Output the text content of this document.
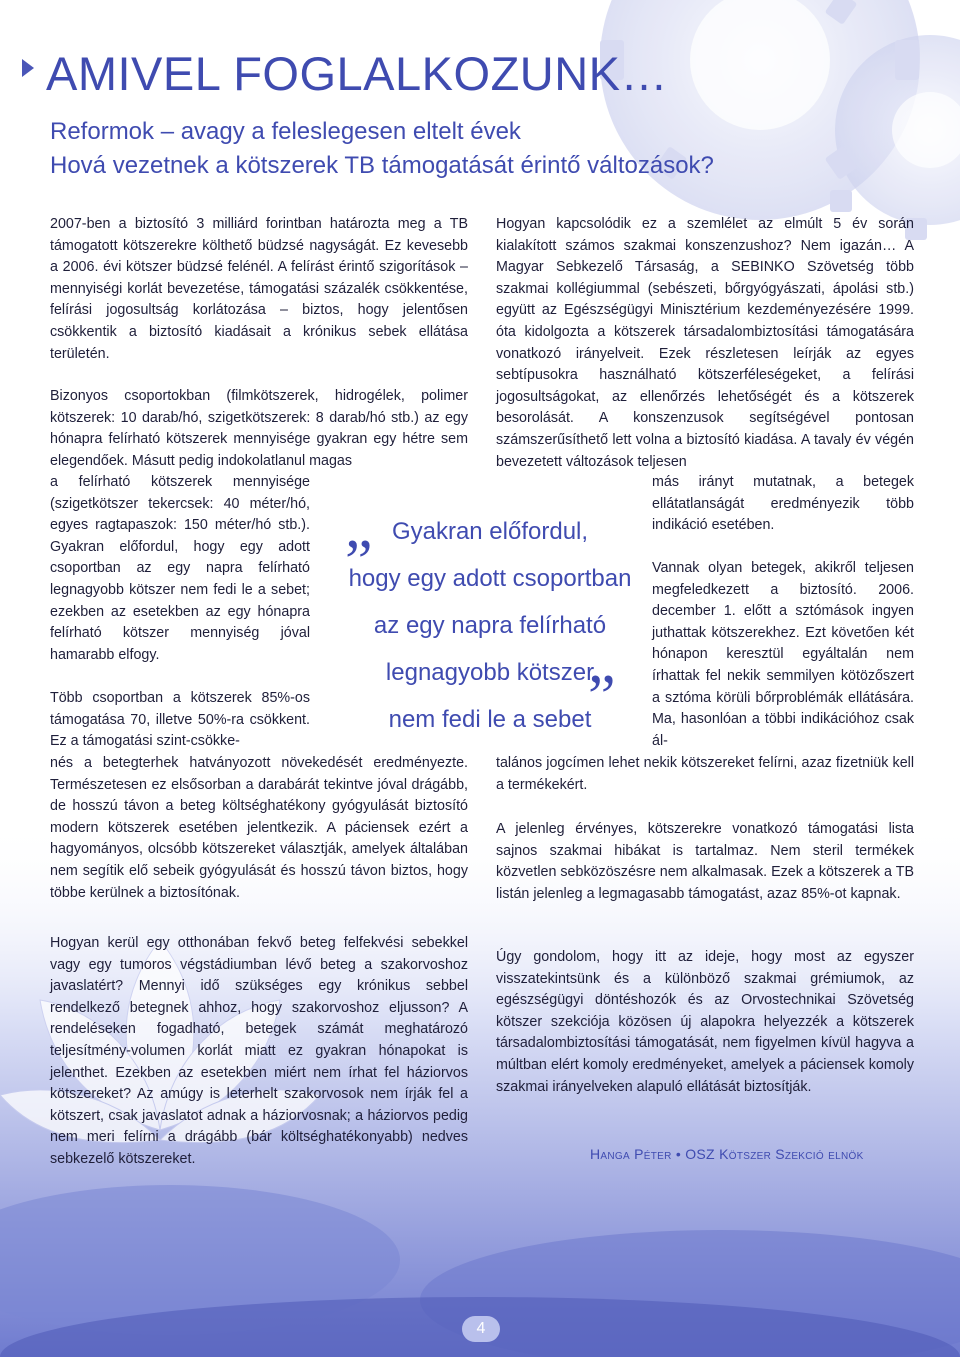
AMIVEL FOGLALKOZUNK…
Reformok – avagy a feleslegesen eltelt évek
Hová vezetnek a kötszerek TB támogatását érintő változások?

2007-ben a biztosító 3 milliárd forintban határozta meg a TB támogatott kötszerekre költhető büdzsé nagyságát. Ez kevesebb a 2006. évi kötszer büdzsé felénél. A felírást érintő szigorítások – mennyiségi korlát bevezetése, támogatási százalék csökkentése, felírási jogosultság korlátozása – biztos, hogy jelentősen csökkentik a biztosító kiadásait a krónikus sebek ellátása területén.

Bizonyos csoportokban (filmkötszerek, hidrogélek, polimer kötszerek: 10 darab/hó, szigetkötszerek: 8 darab/hó stb.) az egy hónapra felírható kötszerek mennyisége gyakran egy hétre sem elegendőek. Másutt pedig indokolatlanul magas

a felírható kötszerek mennyisége (szigetkötszer tekercsek: 40 méter/hó, egyes ragtapaszok: 150 méter/hó stb.). Gyakran előfordul, hogy egy adott csoportban az egy napra felírható legnagyobb kötszer nem fedi le a sebet; ezekben az esetekben az egy hónapra felírható kötszer mennyiség jóval hamarabb elfogy.

Több csoportban a kötszerek 85%-os támogatása 70, illetve 50%-ra csökkent. Ez a támogatási szint-csökke-

nés a betegterhek hatványozott növekedését eredményezte. Természetesen ez elsősorban a darabárát tekintve jóval drágább, de hosszú távon a beteg költséghatékony gyógyulását biztosító modern kötszerek esetében jelentkezik. A páciensek ezért a hagyományos, olcsóbb kötszereket választják, amelyek általában nem segítik elő sebeik gyógyulását és hosszú távon biztos, hogy többe kerülnek a biztosítónak.

Hogyan kerül egy otthonában fekvő beteg felfekvési sebekkel vagy egy tumoros végstádiumban lévő beteg a szakorvoshoz javaslatért? Mennyi idő szükséges egy krónikus sebbel rendelkező betegnek ahhoz, hogy szakorvoshoz eljusson? A rendeléseken fogadható, betegek számát meghatározó teljesítmény-volumen korlát miatt ez gyakran hónapokat is jelenthet. Ezekben az esetekben miért nem írhat fel háziorvos kötszereket? Az amúgy is leterhelt szakorvosok nem írják fel a kötszert, csak javaslatot adnak a háziorvosnak; a háziorvos pedig nem meri felírni a drágább (bár költséghatékonyabb) nedves sebkezelő kötszereket.

Hogyan kapcsolódik ez a szemlélet az elmúlt 5 év során kialakított számos szakmai konszenzushoz? Nem igazán… A Magyar Sebkezelő Társaság, a SEBINKO Szövetség több szakmai kollégiummal (sebészeti, bőrgyógyászati, ápolási stb.) együtt az Egészségügyi Minisztérium kezdeményezésére 1999. óta kidolgozta a kötszerek társadalombiztosítási támogatására vonatkozó irányelveit. Ezek részletesen leírják az egyes sebtípusokra használható kötszerféleségeket, a felírási jogosultságokat, az ellenőrzés lehetőségét és a kötszerek besorolását. A konszenzusok segítségével pontosan számszerűsíthető lett volna a biztosító kiadása. A tavaly év végén bevezetett változások teljesen

más irányt mutatnak, a betegek ellátatlanságát eredményezik több indikáció esetében.

Vannak olyan betegek, akikről teljesen megfeledkezett a biztosító. 2006. december 1. előtt a sztómások ingyen juthattak kötszerekhez. Ezt követően két hónapon keresztül egyáltalán nem írhattak fel nekik semmilyen kötözőszert a sztóma körüli bőrproblémák ellátására. Ma, hasonlóan a többi indikációhoz csak ál-

talános jogcímen lehet nekik kötszereket felírni, azaz fizetniük kell a termékekért.

A jelenleg érvényes, kötszerekre vonatkozó támogatási lista sajnos szakmai hibákat is tartalmaz. Nem steril termékek közvetlen sebközöszésre nem alkalmasak. Ezek a kötszerek a TB listán jelenleg a legmagasabb támogatást, azaz 85%-ot kapnak.

Úgy gondolom, hogy itt az ideje, hogy most az egyszer visszatekintsünk és a különböző szakmai grémiumok, az egészségügyi döntéshozók és az Orvostechnikai Szövetség kötszer szekciója közösen új alapokra helyezzék a kötszerek társadalombiztosítási támogatását, nem figyelmen kívül hagyva a múltban elért komoly eredményeket, amelyek a páciensek komoly szakmai irányelveken alapuló ellátását biztosítják.

„ Gyakran előfordul,
hogy egy adott csoportban
az egy napra felírható
legnagyobb kötszer
nem fedi le a sebet
”
Hanga Péter • OSZ Kötszer Szekció elnök
4
